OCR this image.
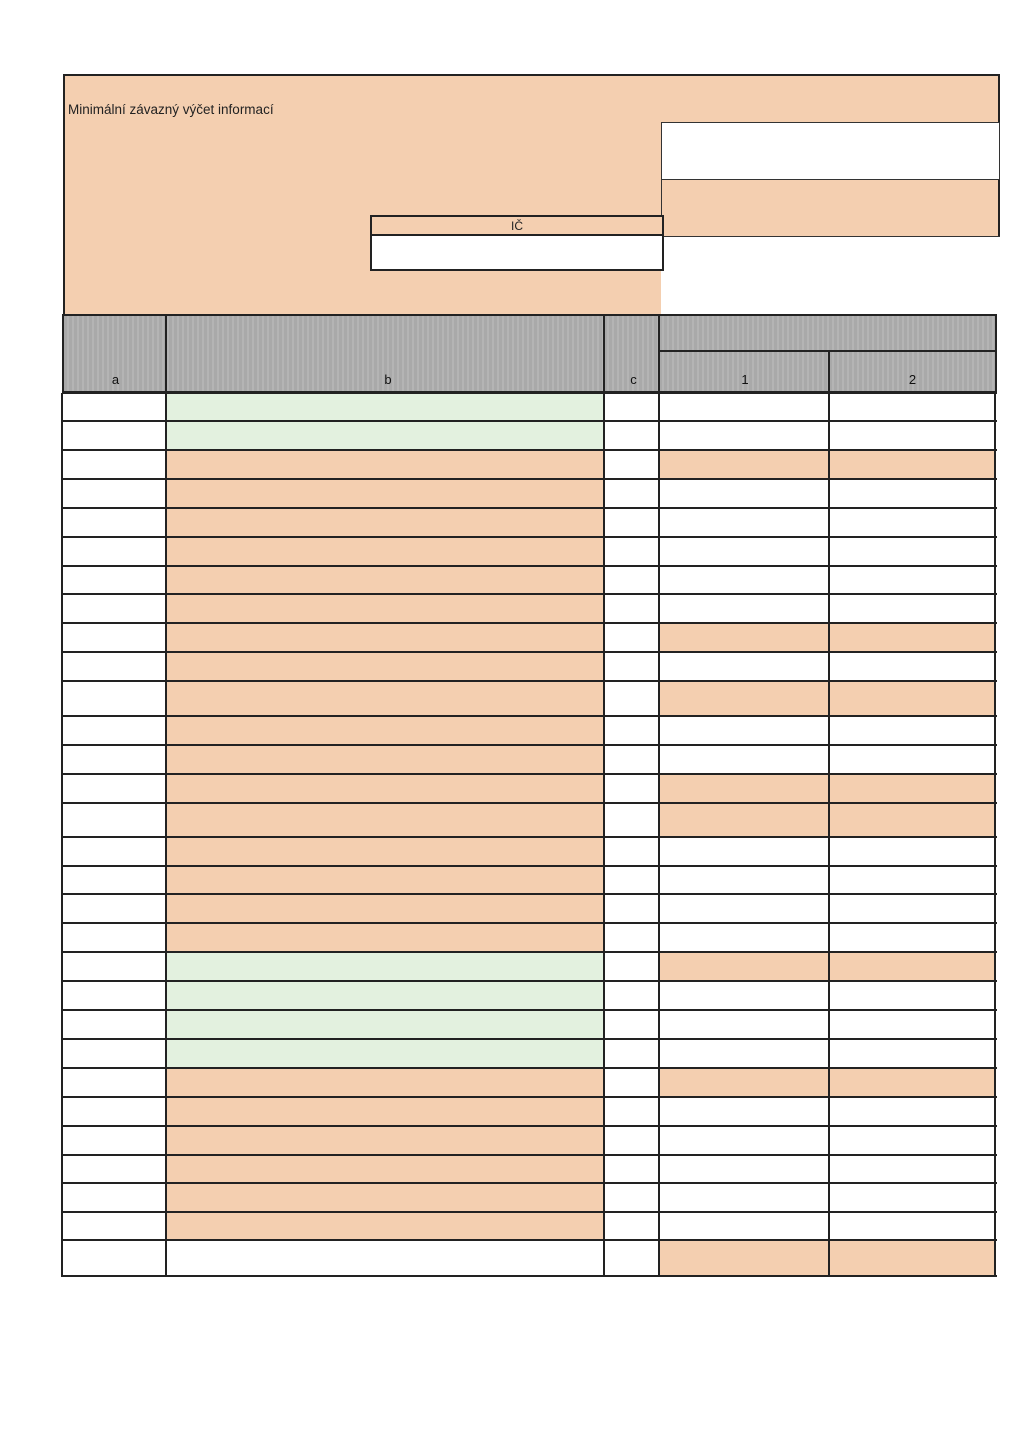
Minimální závazný výčet informací
IČ
a	b	c	1	2
